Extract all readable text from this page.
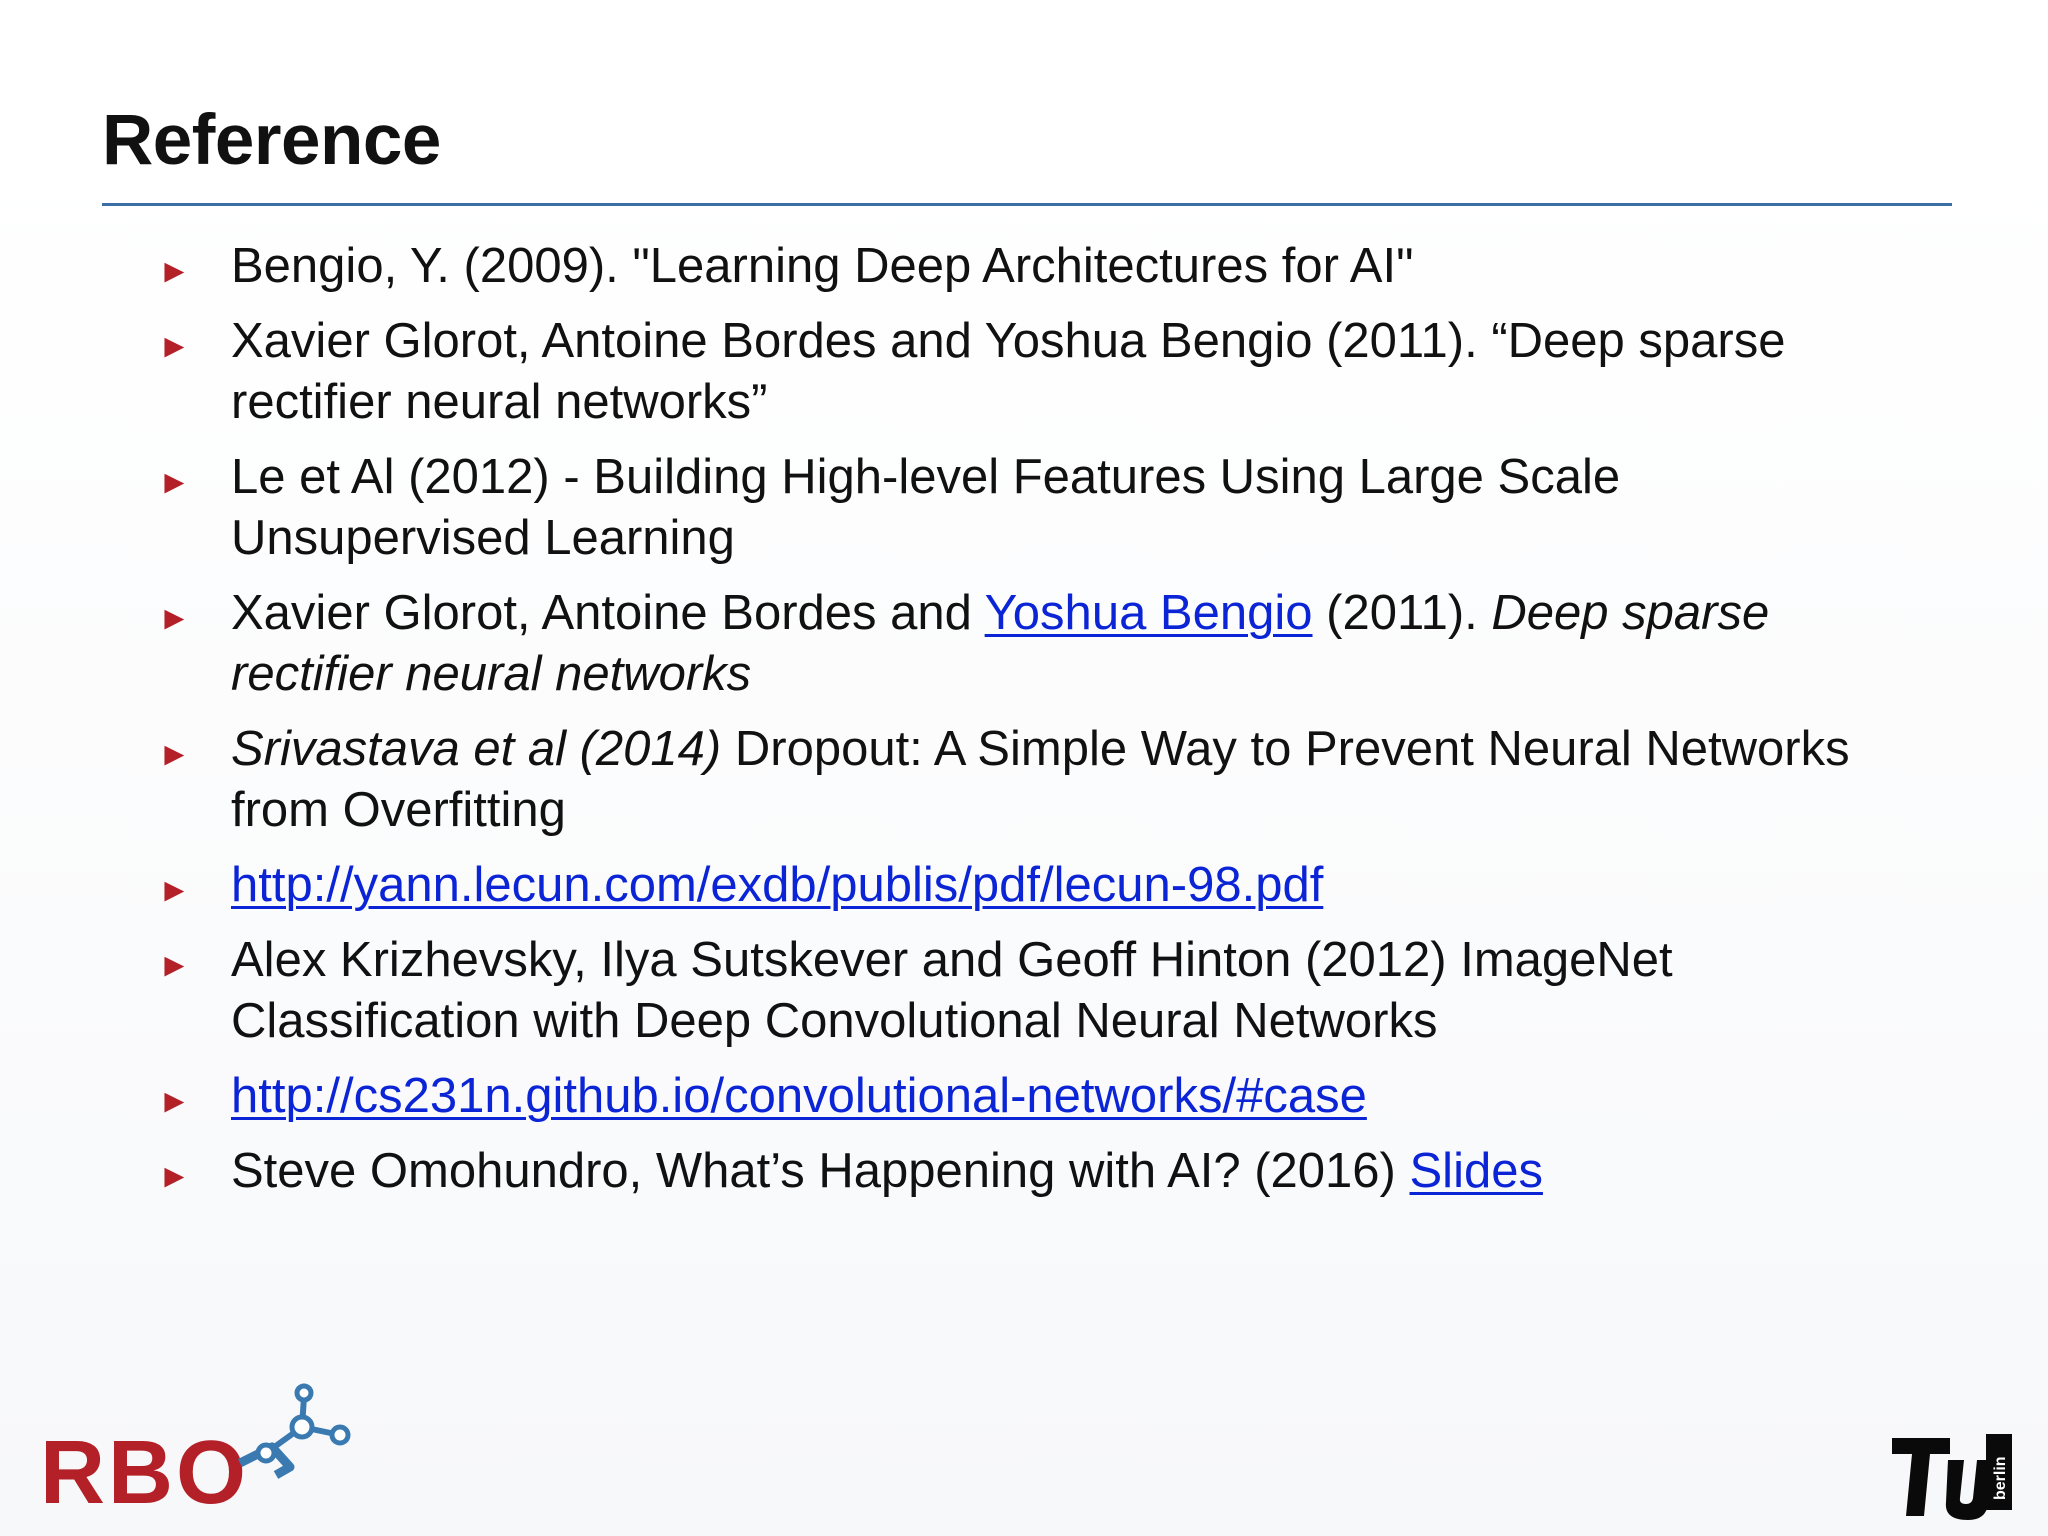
Reference
► Bengio, Y. (2009). "Learning Deep Architectures for AI"
► Xavier Glorot, Antoine Bordes and Yoshua Bengio (2011). “Deep sparse
rectifier neural networks”
► Le et Al (2012) - Building High-level Features Using Large Scale
Unsupervised Learning
► Xavier Glorot, Antoine Bordes and Yoshua Bengio (2011). Deep sparse
rectifier neural networks
► Srivastava et al (2014) Dropout: A Simple Way to Prevent Neural Networks
from Overfitting
► http://yann.lecun.com/exdb/publis/pdf/lecun-98.pdf
► Alex Krizhevsky, Ilya Sutskever and Geoff Hinton (2012) ImageNet
Classification with Deep Convolutional Neural Networks
► http://cs231n.github.io/convolutional-networks/#case
► Steve Omohundro, What’s Happening with AI? (2016) Slides
RBO	berlin
